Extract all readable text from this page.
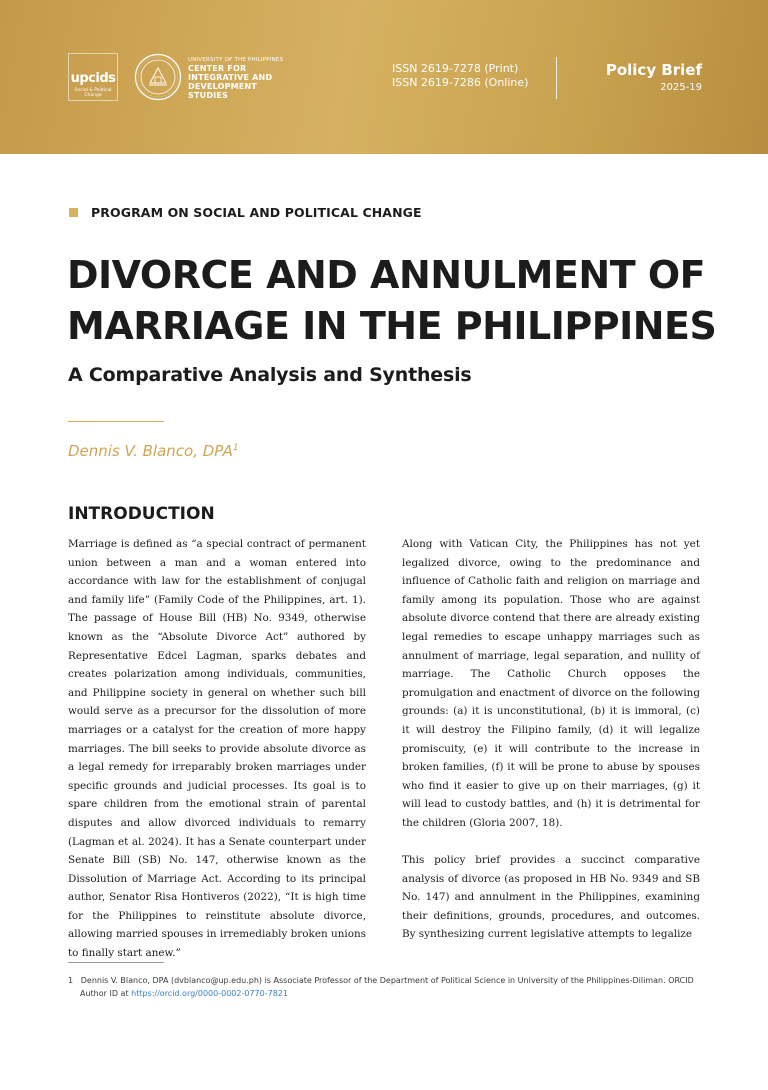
upcids
Social & Political Change
UNIVERSITY OF THE PHILIPPINES
CENTER FOR
INTEGRATIVE AND
DEVELOPMENT
STUDIES
ISSN 2619-7278 (Print)
ISSN 2619-7286 (Online)
Policy Brief
2025-19
PROGRAM ON SOCIAL AND POLITICAL CHANGE
DIVORCE AND ANNULMENT OF
MARRIAGE IN THE PHILIPPINES
A Comparative Analysis and Synthesis
Dennis V. Blanco, DPA$^1$
INTRODUCTION

Marriage is defined as “a special contract of permanent union between a man and a woman entered into accordance with law for the establishment of conjugal and family life” (Family Code of the Philippines, art. 1). The passage of House Bill (HB) No. 9349, otherwise known as the “Absolute Divorce Act” authored by Representative Edcel Lagman, sparks debates and creates polarization among individuals, communities, and Philippine society in general on whether such bill would serve as a precursor for the dissolution of more marriages or a catalyst for the creation of more happy marriages. The bill seeks to provide absolute divorce as a legal remedy for irreparably broken marriages under specific grounds and judicial processes. Its goal is to spare children from the emotional strain of parental disputes and allow divorced individuals to remarry (Lagman et al. 2024). It has a Senate counterpart under Senate Bill (SB) No. 147, otherwise known as the Dissolution of Marriage Act. According to its principal author, Senator Risa Hontiveros (2022), “It is high time for the Philippines to reinstitute absolute divorce, allowing married spouses in irremediably broken unions to finally start anew.”

Along with Vatican City, the Philippines has not yet legalized divorce, owing to the predominance and influence of Catholic faith and religion on marriage and family among its population. Those who are against absolute divorce contend that there are already existing legal remedies to escape unhappy marriages such as annulment of marriage, legal separation, and nullity of marriage. The Catholic Church opposes the promulgation and enactment of divorce on the following grounds: (a) it is unconstitutional, (b) it is immoral, (c) it will destroy the Filipino family, (d) it will legalize promiscuity, (e) it will contribute to the increase in broken families, (f) it will be prone to abuse by spouses who find it easier to give up on their marriages, (g) it will lead to custody battles, and (h) it is detrimental for the children (Gloria 2007, 18).

This policy brief provides a succinct comparative analysis of divorce (as proposed in HB No. 9349 and SB No. 147) and annulment in the Philippines, examining their definitions, grounds, procedures, and outcomes. By synthesizing current legislative attempts to legalize

1 Dennis V. Blanco, DPA (dvblanco@up.edu.ph) is Associate Professor of the Department of Political Science in University of the Philippines-Diliman. ORCID Author ID at https://orcid.org/0000-0002-0770-7821
